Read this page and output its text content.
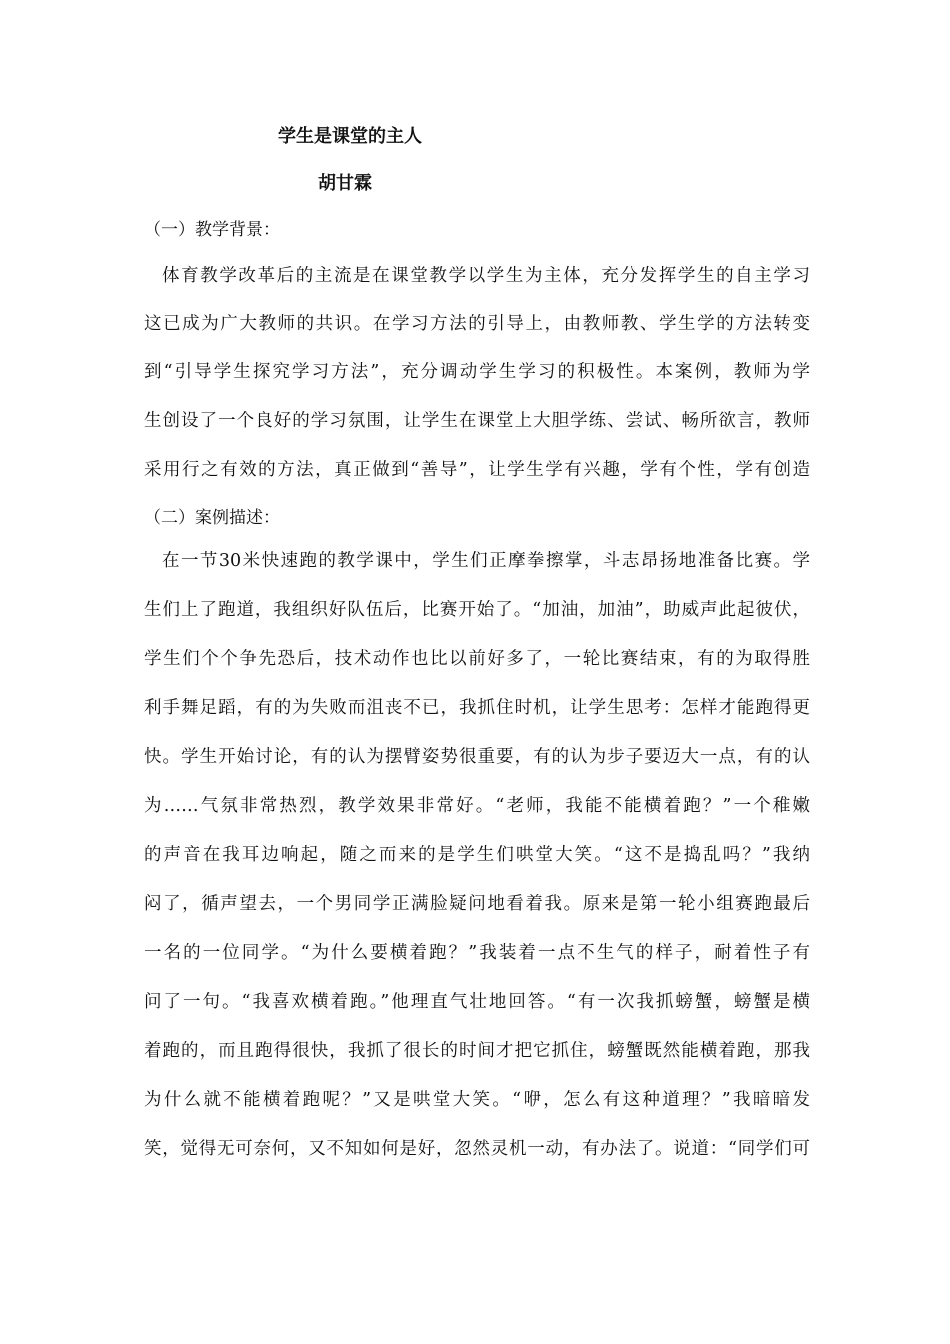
学生是课堂的主人
胡甘霖
（一）教学背景：
体育教学改革后的主流是在课堂教学以学生为主体，充分发挥学生的自主学习
这已成为广大教师的共识。在学习方法的引导上，由教师教、学生学的方法转变
到“引导学生探究学习方法”，充分调动学生学习的积极性。本案例，教师为学
生创设了一个良好的学习氛围，让学生在课堂上大胆学练、尝试、畅所欲言，教师
采用行之有效的方法，真正做到“善导”，让学生学有兴趣，学有个性，学有创造
（二）案例描述：
在一节30米快速跑的教学课中，学生们正摩拳擦掌，斗志昂扬地准备比赛。学
生们上了跑道，我组织好队伍后，比赛开始了。“加油，加油”，助威声此起彼伏，
学生们个个争先恐后，技术动作也比以前好多了，一轮比赛结束，有的为取得胜
利手舞足蹈，有的为失败而沮丧不已，我抓住时机，让学生思考：怎样才能跑得更
快。学生开始讨论，有的认为摆臂姿势很重要，有的认为步子要迈大一点，有的认
为……气氛非常热烈，教学效果非常好。“老师，我能不能横着跑？”一个稚嫩
的声音在我耳边响起，随之而来的是学生们哄堂大笑。“这不是捣乱吗？”我纳
闷了，循声望去，一个男同学正满脸疑问地看着我。原来是第一轮小组赛跑最后
一名的一位同学。“为什么要横着跑？”我装着一点不生气的样子，耐着性子有
问了一句。“我喜欢横着跑。”他理直气壮地回答。“有一次我抓螃蟹，螃蟹是横
着跑的，而且跑得很快，我抓了很长的时间才把它抓住，螃蟹既然能横着跑，那我
为什么就不能横着跑呢？”又是哄堂大笑。“咿，怎么有这种道理？”我暗暗发
笑，觉得无可奈何，又不知如何是好，忽然灵机一动，有办法了。说道：“同学们可
